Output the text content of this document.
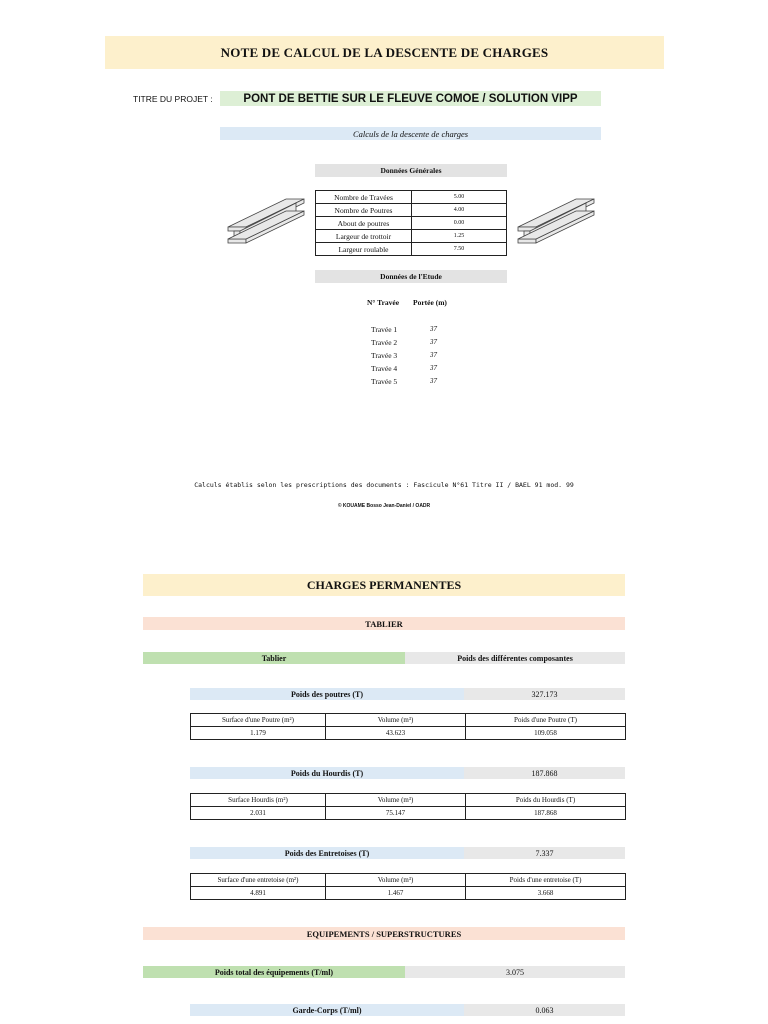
NOTE DE CALCUL DE LA DESCENTE DE CHARGES
TITRE DU PROJET :	PONT DE BETTIE SUR LE FLEUVE COMOE / SOLUTION VIPP
Calculs de la descente de charges
Données Générales
Nombre de Travées	5.00
Nombre de Poutres	4.00
About de poutres	0.00
Largeur de trottoir	1.25
Largeur roulable	7.50
Données de l'Etude
N° Travée Portée (m)
Travée 1	37
Travée 2	37
Travée 3	37
Travée 4	37
Travée 5	37
Calculs établis selon les prescriptions des documents : Fascicule N°61 Titre II / BAEL 91 mod. 99
© KOUAME Bosso Jean-Daniel / OADR
CHARGES PERMANENTES
TABLIER
Tablier	Poids des différentes composantes
Poids des poutres (T)	327.173
Surface d'une Poutre (m²)	Volume (m³)	Poids d'une Poutre (T)
1.179	43.623	109.058
Poids du Hourdis (T)	187.868
Surface Hourdis (m²)	Volume (m³)	Poids du Hourdis (T)
2.031	75.147	187.868
Poids des Entretoises (T)	7.337
Surface d'une entretoise (m²)	Volume (m³)	Poids d'une entretoise (T)
4.891	1.467	3.668
EQUIPEMENTS / SUPERSTRUCTURES
Poids total des équipements (T/ml)	3.075
Garde-Corps (T/ml)	0.063
